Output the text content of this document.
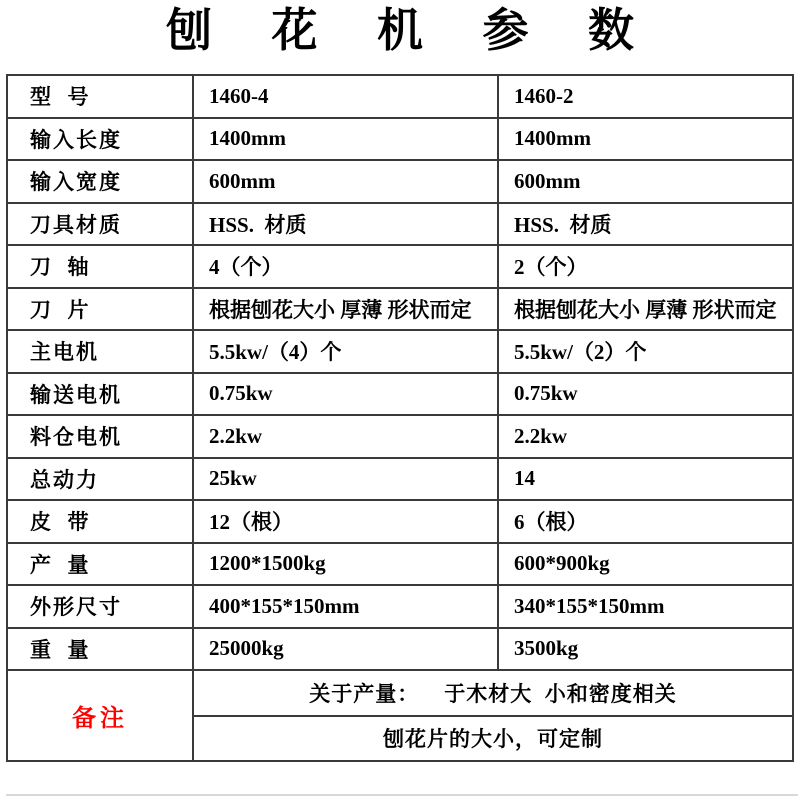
刨 花 机 参 数
型  号	1460-4	1460-2
输入长度	1400mm	1400mm
输入宽度	600mm	600mm
刀具材质	HSS.  材质	HSS.  材质
刀  轴	4（个）	2（个）
刀  片	根据刨花大小 厚薄 形状而定	根据刨花大小 厚薄 形状而定
主电机	5.5kw/（4）个	5.5kw/（2）个
输送电机	0.75kw	0.75kw
料仓电机	2.2kw	2.2kw
总动力	25kw	14
皮  带	12（根）	6（根）
产  量	1200*1500kg	600*900kg
外形尺寸	400*155*150mm	340*155*150mm
重  量	25000kg	3500kg
备注	关于产量：    于木材大  小和密度相关	
	刨花片的大小，可定制	
